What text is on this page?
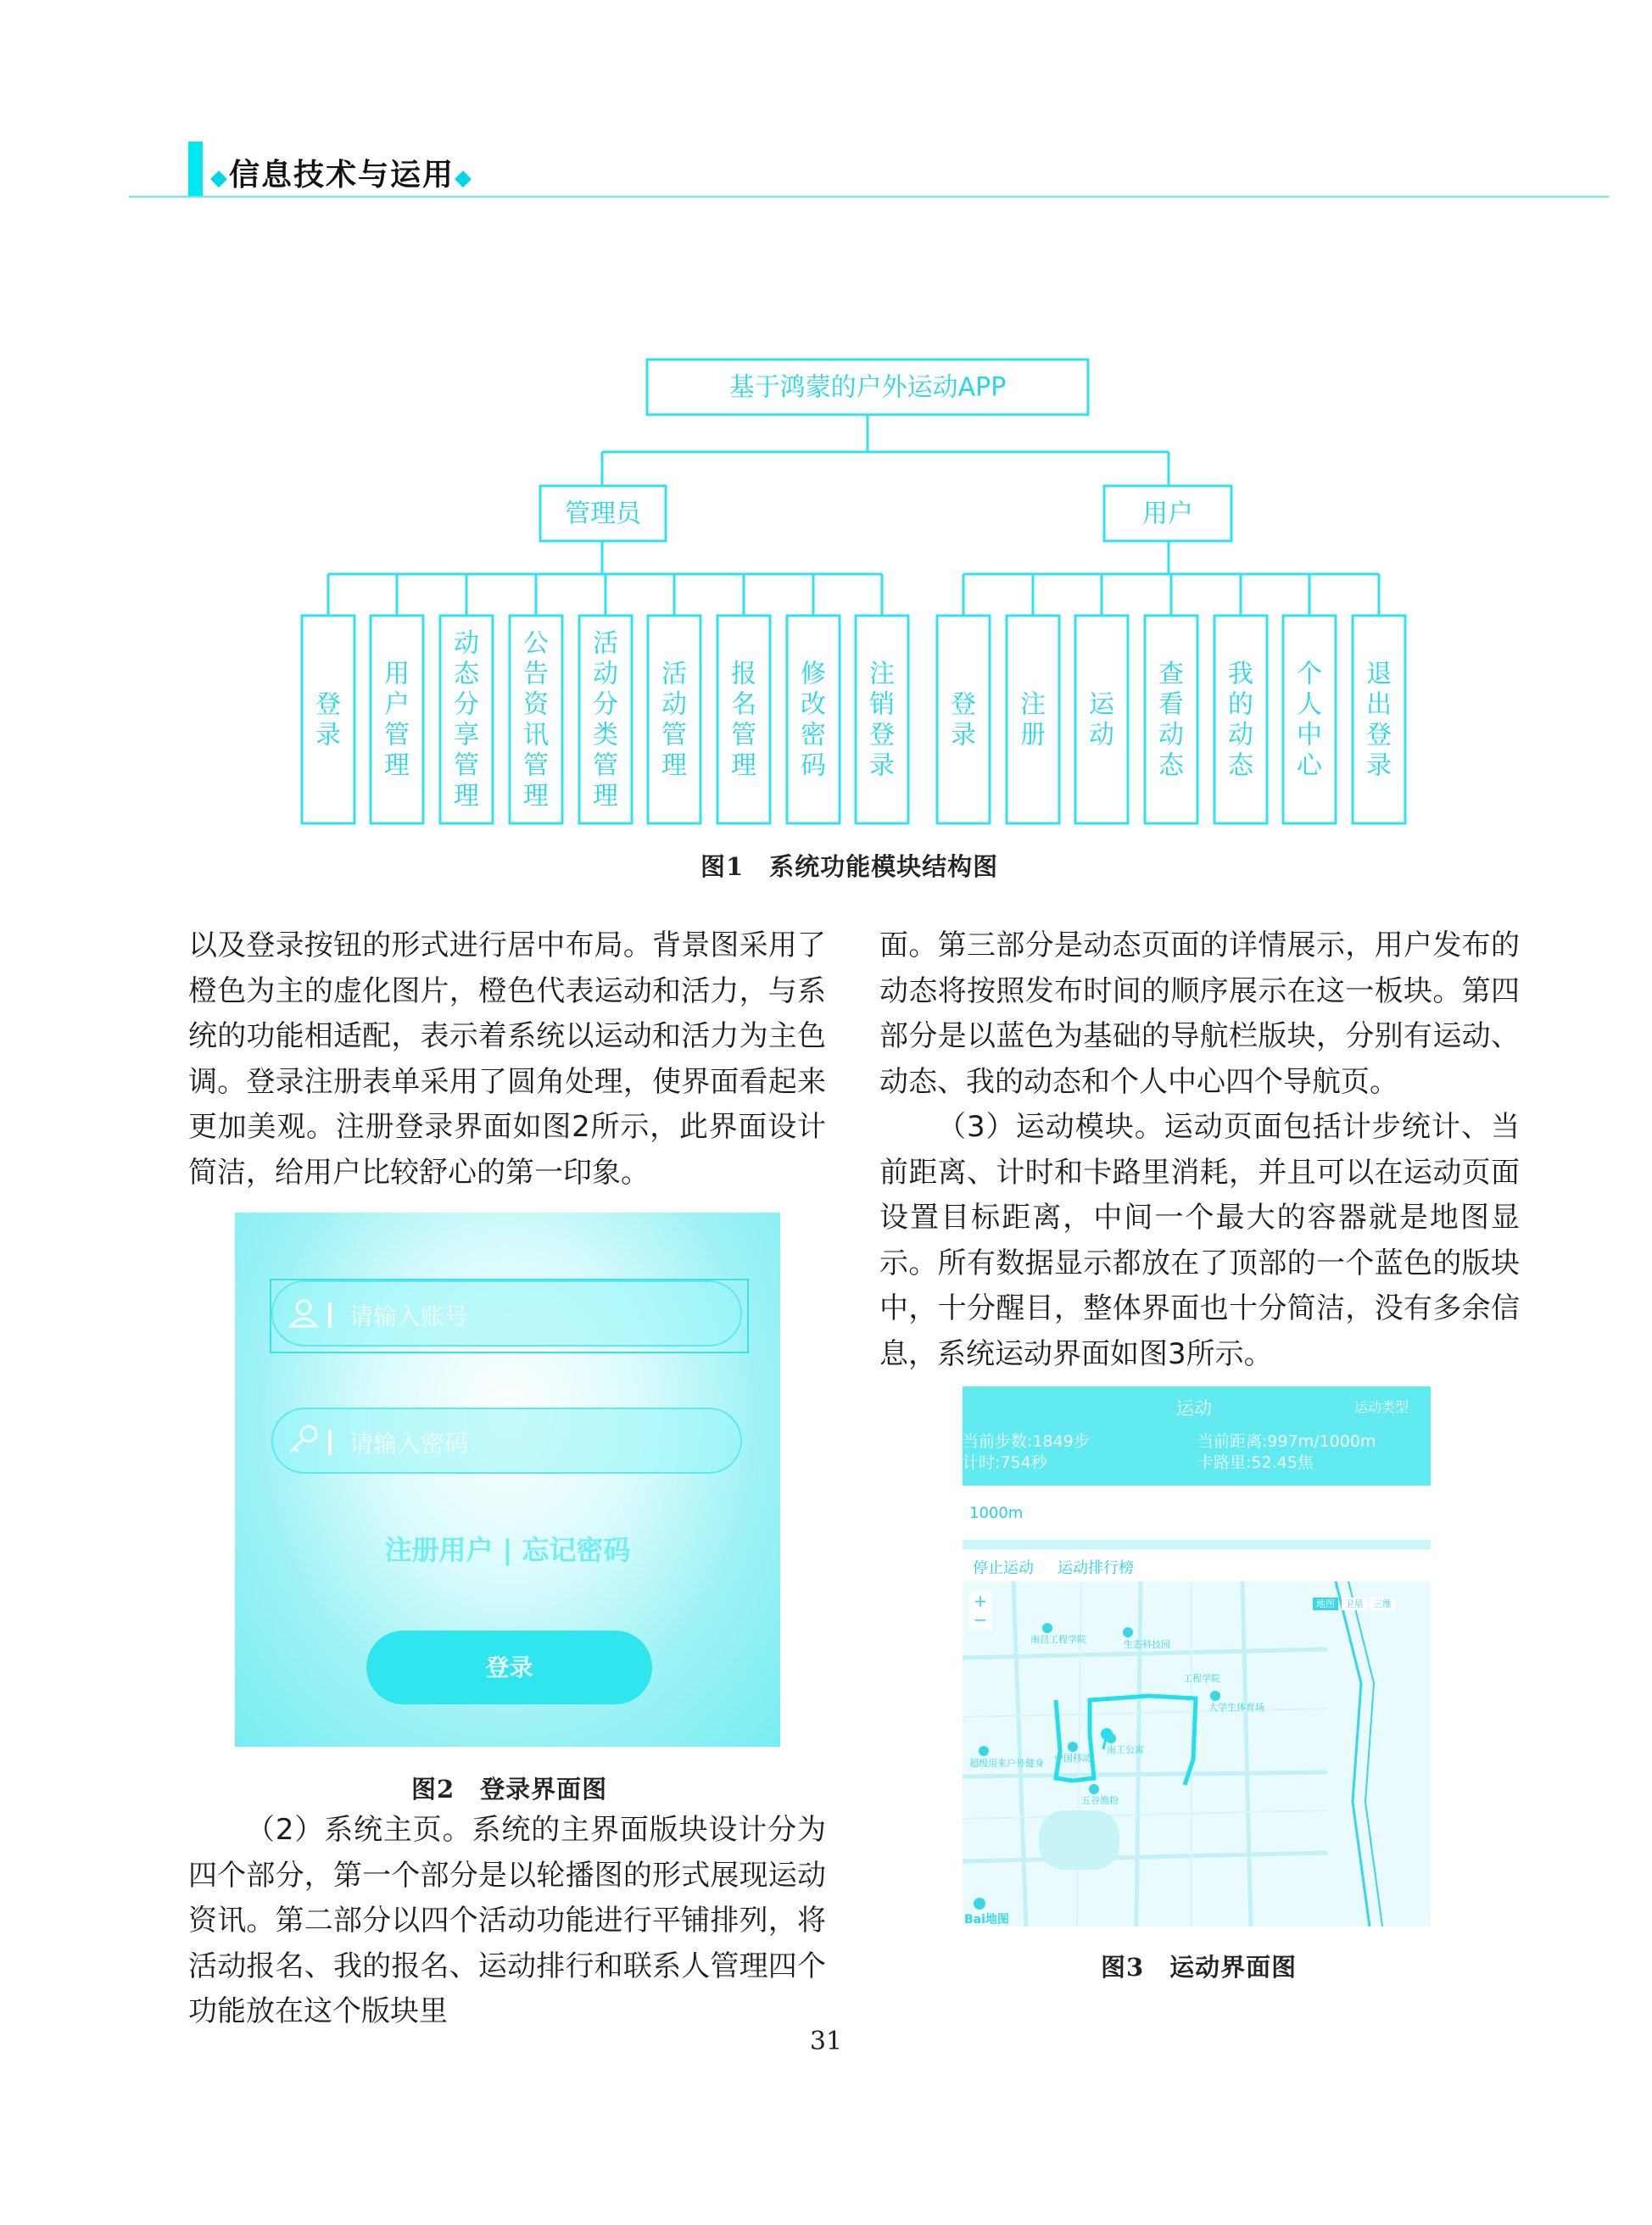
◆信息技术与运用◆
基于鸿蒙的户外运动APP
管理员	用户
登
录
用
户
管
理
动
态
分
享
管
理
公
告
资
讯
管
理
活
动
分
类
管
理
活
动
管
理
报
名
管
理
修
改
密
码
注
销
登
录
登
录
注
册
运
动
查
看
动
态
我
的
动
态
个
人
中
心
退
出
登
录
图1　系统功能模块结构图

以及登录按钮的形式进行居中布局。背景图采用了橙色为主的虚化图片，橙色代表运动和活力，与系统的功能相适配，表示着系统以运动和活力为主色调。登录注册表单采用了圆角处理，使界面看起来更加美观。注册登录界面如图2所示，此界面设计简洁，给用户比较舒心的第一印象。

请输入账号
请输入密码
注册用户 | 忘记密码
登录
图2　登录界面图

（2）系统主页。系统的主界面版块设计分为四个部分，第一个部分是以轮播图的形式展现运动资讯。第二部分以四个活动功能进行平铺排列，将活动报名、我的报名、运动排行和联系人管理四个功能放在这个版块里

面。第三部分是动态页面的详情展示，用户发布的动态将按照发布时间的顺序展示在这一板块。第四部分是以蓝色为基础的导航栏版块，分别有运动、动态、我的动态和个人中心四个导航页。

（3）运动模块。运动页面包括计步统计、当前距离、计时和卡路里消耗，并且可以在运动页面设置目标距离，中间一个最大的容器就是地图显示。所有数据显示都放在了顶部的一个蓝色的版块中，十分醒目，整体界面也十分简洁，没有多余信息，系统运动界面如图3所示。

运动	运动类型
当前步数:1849步	当前距离:997m/1000m
计时:754秒	卡路里:52.45焦
1000m
停止运动 运动排行榜
南昌工程学院	生态科技园
中国移动
南工公寓
五谷渔粉
大学生体育场
超级用来户外健身
工程学院
+
−
地图 卫星 三维
Bai地图
图3　运动界面图
31
